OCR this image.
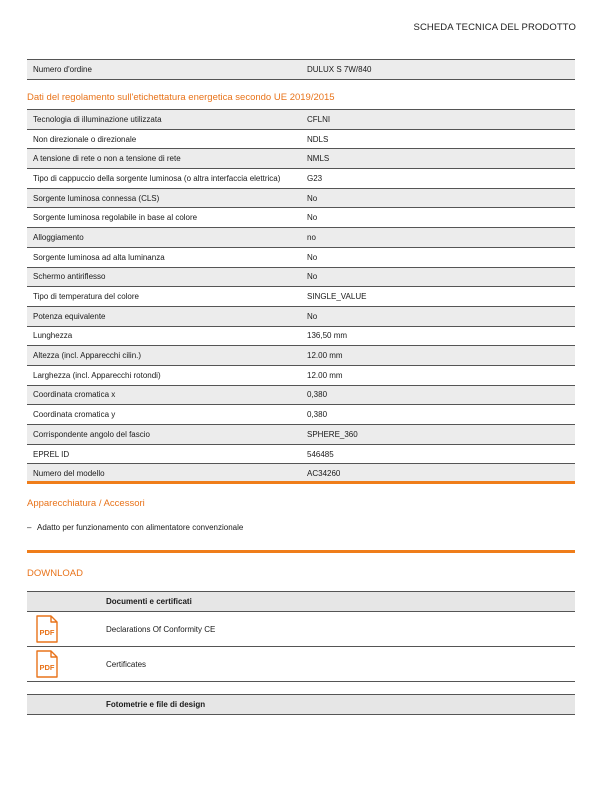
SCHEDA TECNICA DEL PRODOTTO
Numero d'ordine	DULUX S 7W/840
Dati del regolamento sull'etichettatura energetica secondo UE 2019/2015
Tecnologia di illuminazione utilizzata	CFLNI
Non direzionale o direzionale	NDLS
A tensione di rete o non a tensione di rete	NMLS
Tipo di cappuccio della sorgente luminosa (o altra interfaccia elettrica)	G23
Sorgente luminosa connessa (CLS)	No
Sorgente luminosa regolabile in base al colore	No
Alloggiamento	no
Sorgente luminosa ad alta luminanza	No
Schermo antiriflesso	No
Tipo di temperatura del colore	SINGLE_VALUE
Potenza equivalente	No
Lunghezza	136,50 mm
Altezza (incl. Apparecchi cilin.)	12.00 mm
Larghezza (incl. Apparecchi rotondi)	12.00 mm
Coordinata cromatica x	0,380
Coordinata cromatica y	0,380
Corrispondente angolo del fascio	SPHERE_360
EPREL ID	546485
Numero del modello	AC34260
Apparecchiatura / Accessori
– Adatto per funzionamento con alimentatore convenzionale
DOWNLOAD
Documenti e certificati
PDF	Declarations Of Conformity CE
PDF	Certificates
Fotometrie e file di design
